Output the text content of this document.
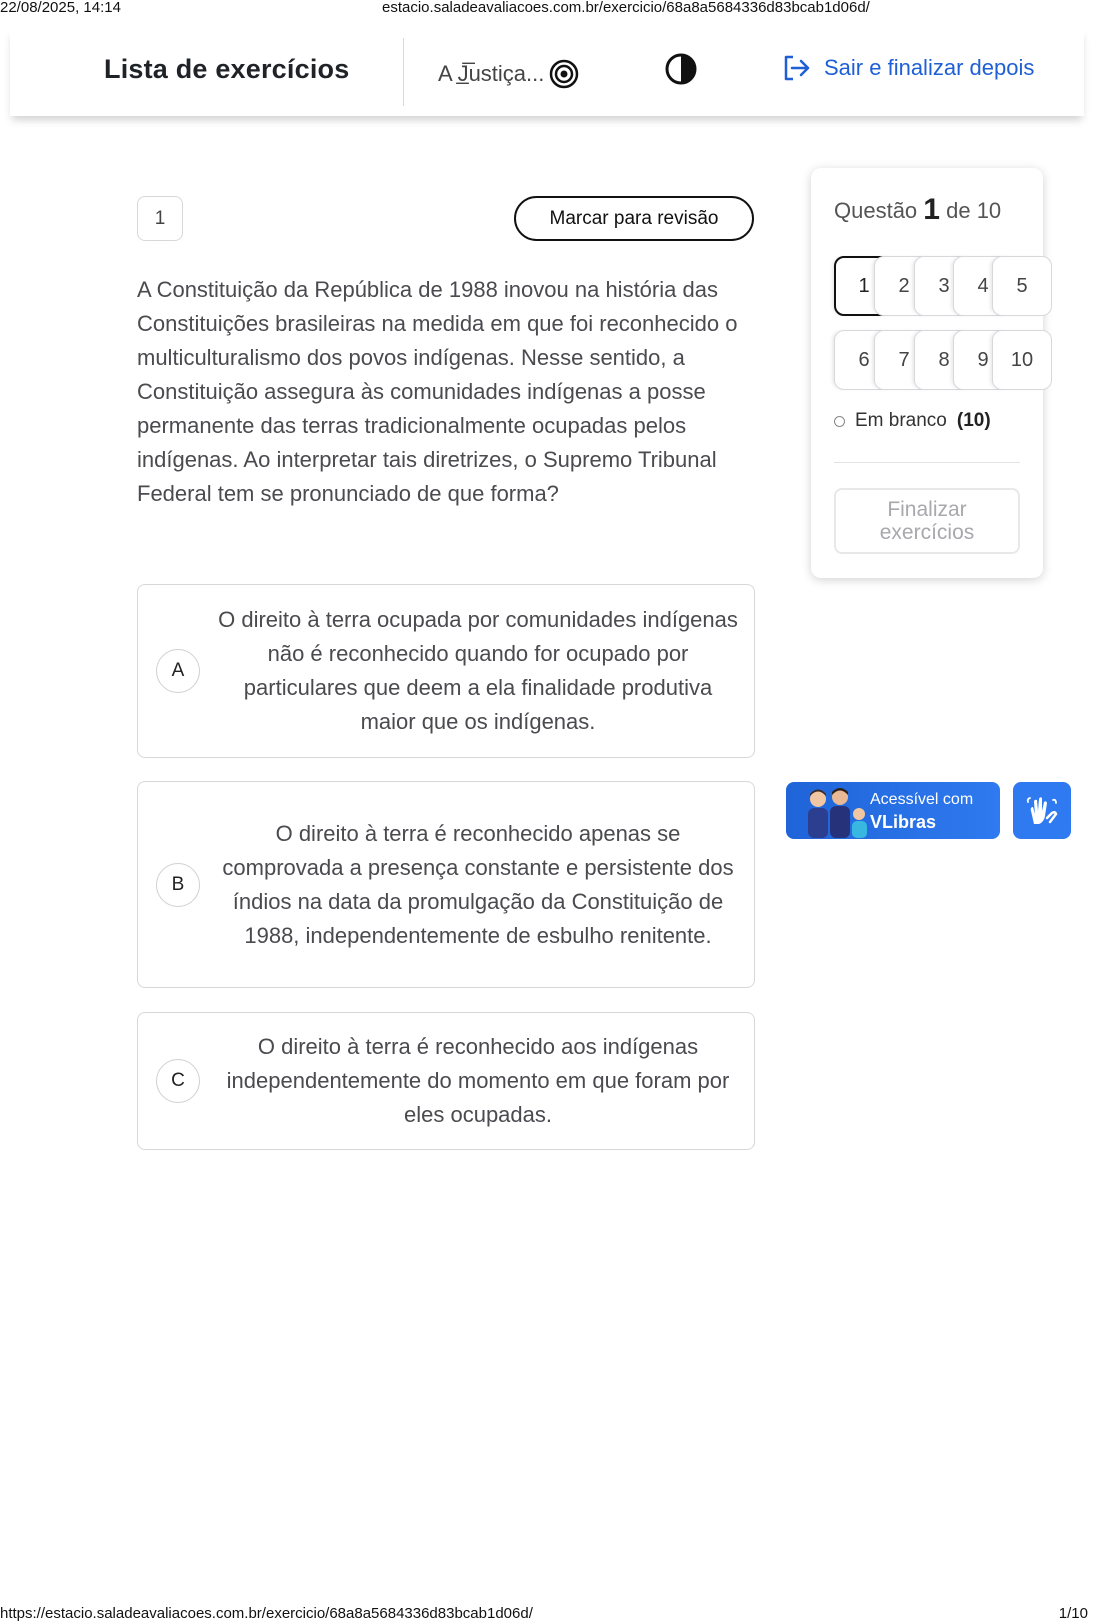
22/08/2025, 14:14	estacio.saladeavaliacoes.com.br/exercicio/68a8a5684336d83bcab1d06d/
Lista de exercícios	A J̲̅ustiça...	Sair e finalizar depois
1	Marcar para revisão

A Constituição da República de 1988 inovou na história das Constituições brasileiras na medida em que foi reconhecido o multiculturalismo dos povos indígenas. Nesse sentido, a Constituição assegura às comunidades indígenas a posse permanente das terras tradicionalmente ocupadas pelos indígenas. Ao interpretar tais diretrizes, o Supremo Tribunal Federal tem se pronunciado de que forma?

A
O direito à terra ocupada por comunidades indígenas não é reconhecido quando for ocupado por particulares que deem a ela finalidade produtiva maior que os indígenas.
B
O direito à terra é reconhecido apenas se comprovada a presença constante e persistente dos índios na data da promulgação da Constituição de 1988, independentemente de esbulho renitente.
C
O direito à terra é reconhecido aos indígenas independentemente do momento em que foram por eles ocupadas.
Questão 1 de 10
1	2	3	4	5
6	7	8	9	10
Em branco (10)
Finalizar
exercícios
Acessível com
VLibras
https://estacio.saladeavaliacoes.com.br/exercicio/68a8a5684336d83bcab1d06d/	1/10
